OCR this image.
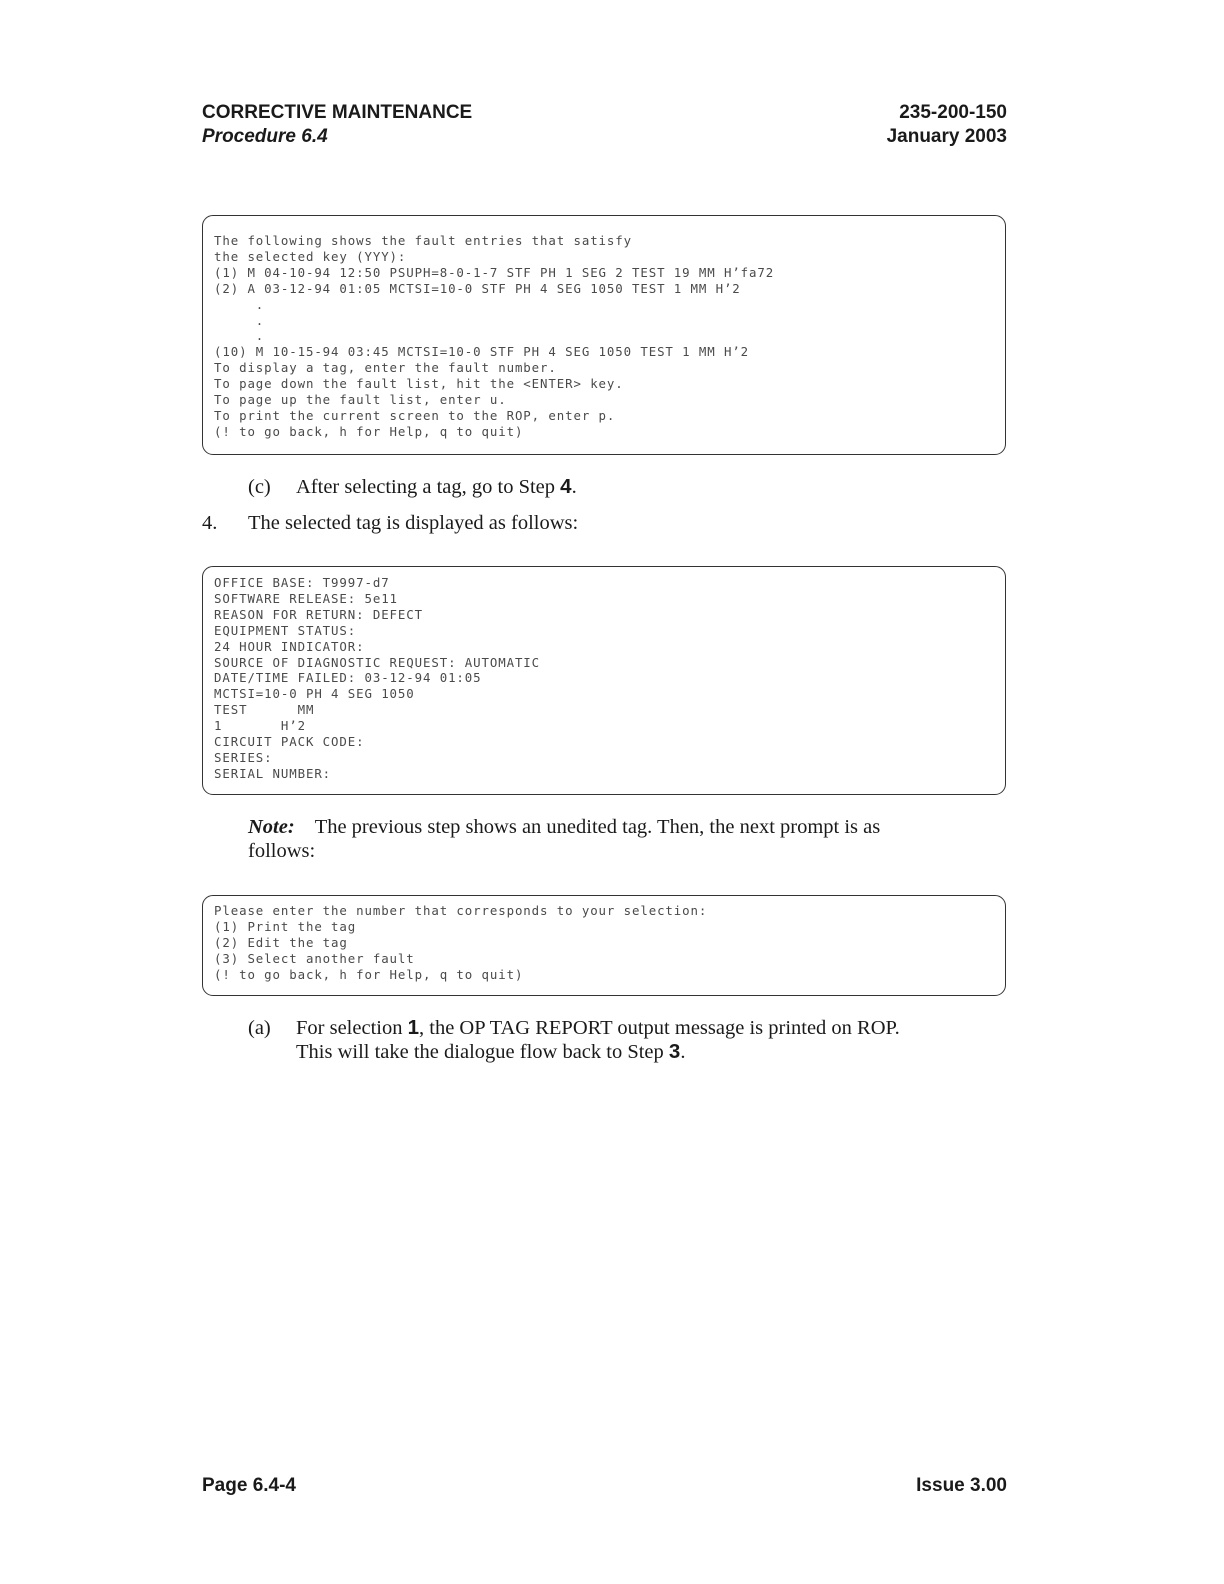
CORRECTIVE MAINTENANCE
Procedure 6.4
235-200-150
January 2003
The following shows the fault entries that satisfy
the selected key (YYY):
(1) M 04-10-94 12:50 PSUPH=8-0-1-7 STF PH 1 SEG 2 TEST 19 MM H’fa72
(2) A 03-12-94 01:05 MCTSI=10-0 STF PH 4 SEG 1050 TEST 1 MM H’2
.
.
.
(10) M 10-15-94 03:45 MCTSI=10-0 STF PH 4 SEG 1050 TEST 1 MM H’2
To display a tag, enter the fault number.
To page down the fault list, hit the <ENTER> key.
To page up the fault list, enter u.
To print the current screen to the ROP, enter p.
(! to go back, h for Help, q to quit)
(c) After selecting a tag, go to Step 4.
4. The selected tag is displayed as follows:
OFFICE BASE: T9997-d7
SOFTWARE RELEASE: 5e11
REASON FOR RETURN: DEFECT
EQUIPMENT STATUS:
24 HOUR INDICATOR:
SOURCE OF DIAGNOSTIC REQUEST: AUTOMATIC
DATE/TIME FAILED: 03-12-94 01:05
MCTSI=10-0 PH 4 SEG 1050
TEST      MM
1       H’2
CIRCUIT PACK CODE:
SERIES:
SERIAL NUMBER:
Note: The previous step shows an unedited tag. Then, the next prompt is as
follows:
Please enter the number that corresponds to your selection:
(1) Print the tag
(2) Edit the tag
(3) Select another fault
(! to go back, h for Help, q to quit)
(a) For selection 1, the OP TAG REPORT output message is printed on ROP.
This will take the dialogue flow back to Step 3.
Page 6.4-4	Issue 3.00
